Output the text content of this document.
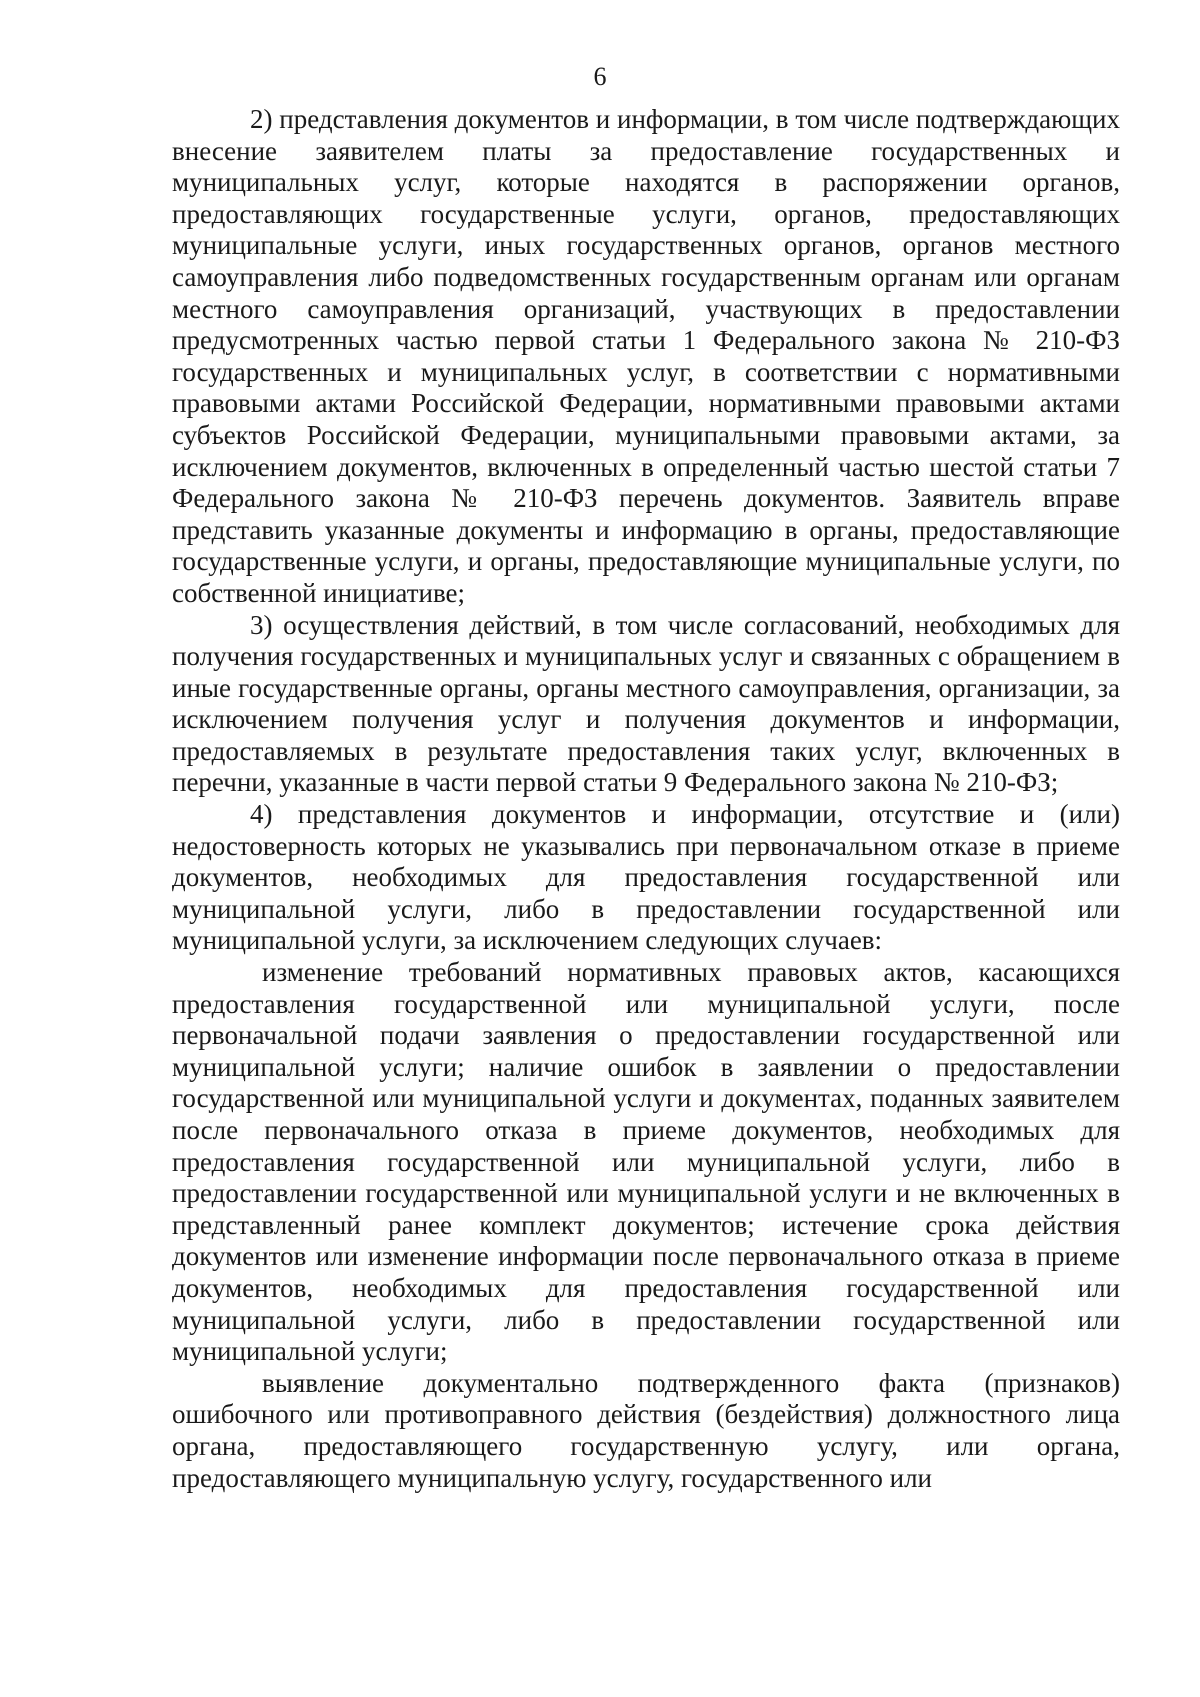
6

2) представления документов и информации, в том числе подтверждающих внесение заявителем платы за предоставление государственных и муниципальных услуг, которые находятся в распоряжении органов, предоставляющих государственные услуги, органов, предоставляющих муниципальные услуги, иных государственных органов, органов местного самоуправления либо подведомственных государственным органам или органам местного самоуправления организаций, участвующих в предоставлении предусмотренных частью первой статьи 1 Федерального закона № 210-ФЗ государственных и муниципальных услуг, в соответствии с нормативными правовыми актами Российской Федерации, нормативными правовыми актами субъектов Российской Федерации, муниципальными правовыми актами, за исключением документов, включенных в определенный частью шестой статьи 7 Федерального закона № 210-ФЗ перечень документов. Заявитель вправе представить указанные документы и информацию в органы, предоставляющие государственные услуги, и органы, предоставляющие муниципальные услуги, по собственной инициативе;

3) осуществления действий, в том числе согласований, необходимых для получения государственных и муниципальных услуг и связанных с обращением в иные государственные органы, органы местного самоуправления, организации, за исключением получения услуг и получения документов и информации, предоставляемых в результате предоставления таких услуг, включенных в перечни, указанные в части первой статьи 9 Федерального закона № 210-ФЗ;

4) представления документов и информации, отсутствие и (или) недостоверность которых не указывались при первоначальном отказе в приеме документов, необходимых для предоставления государственной или муниципальной услуги, либо в предоставлении государственной или муниципальной услуги, за исключением следующих случаев:

изменение требований нормативных правовых актов, касающихся предоставления государственной или муниципальной услуги, после первоначальной подачи заявления о предоставлении государственной или муниципальной услуги; наличие ошибок в заявлении о предоставлении государственной или муниципальной услуги и документах, поданных заявителем после первоначального отказа в приеме документов, необходимых для предоставления государственной или муниципальной услуги, либо в предоставлении государственной или муниципальной услуги и не включенных в представленный ранее комплект документов; истечение срока действия документов или изменение информации после первоначального отказа в приеме документов, необходимых для предоставления государственной или муниципальной услуги, либо в предоставлении государственной или муниципальной услуги;

выявление документально подтвержденного факта (признаков) ошибочного или противоправного действия (бездействия) должностного лица органа, предоставляющего государственную услугу, или органа, предоставляющего муниципальную услугу, государственного или
